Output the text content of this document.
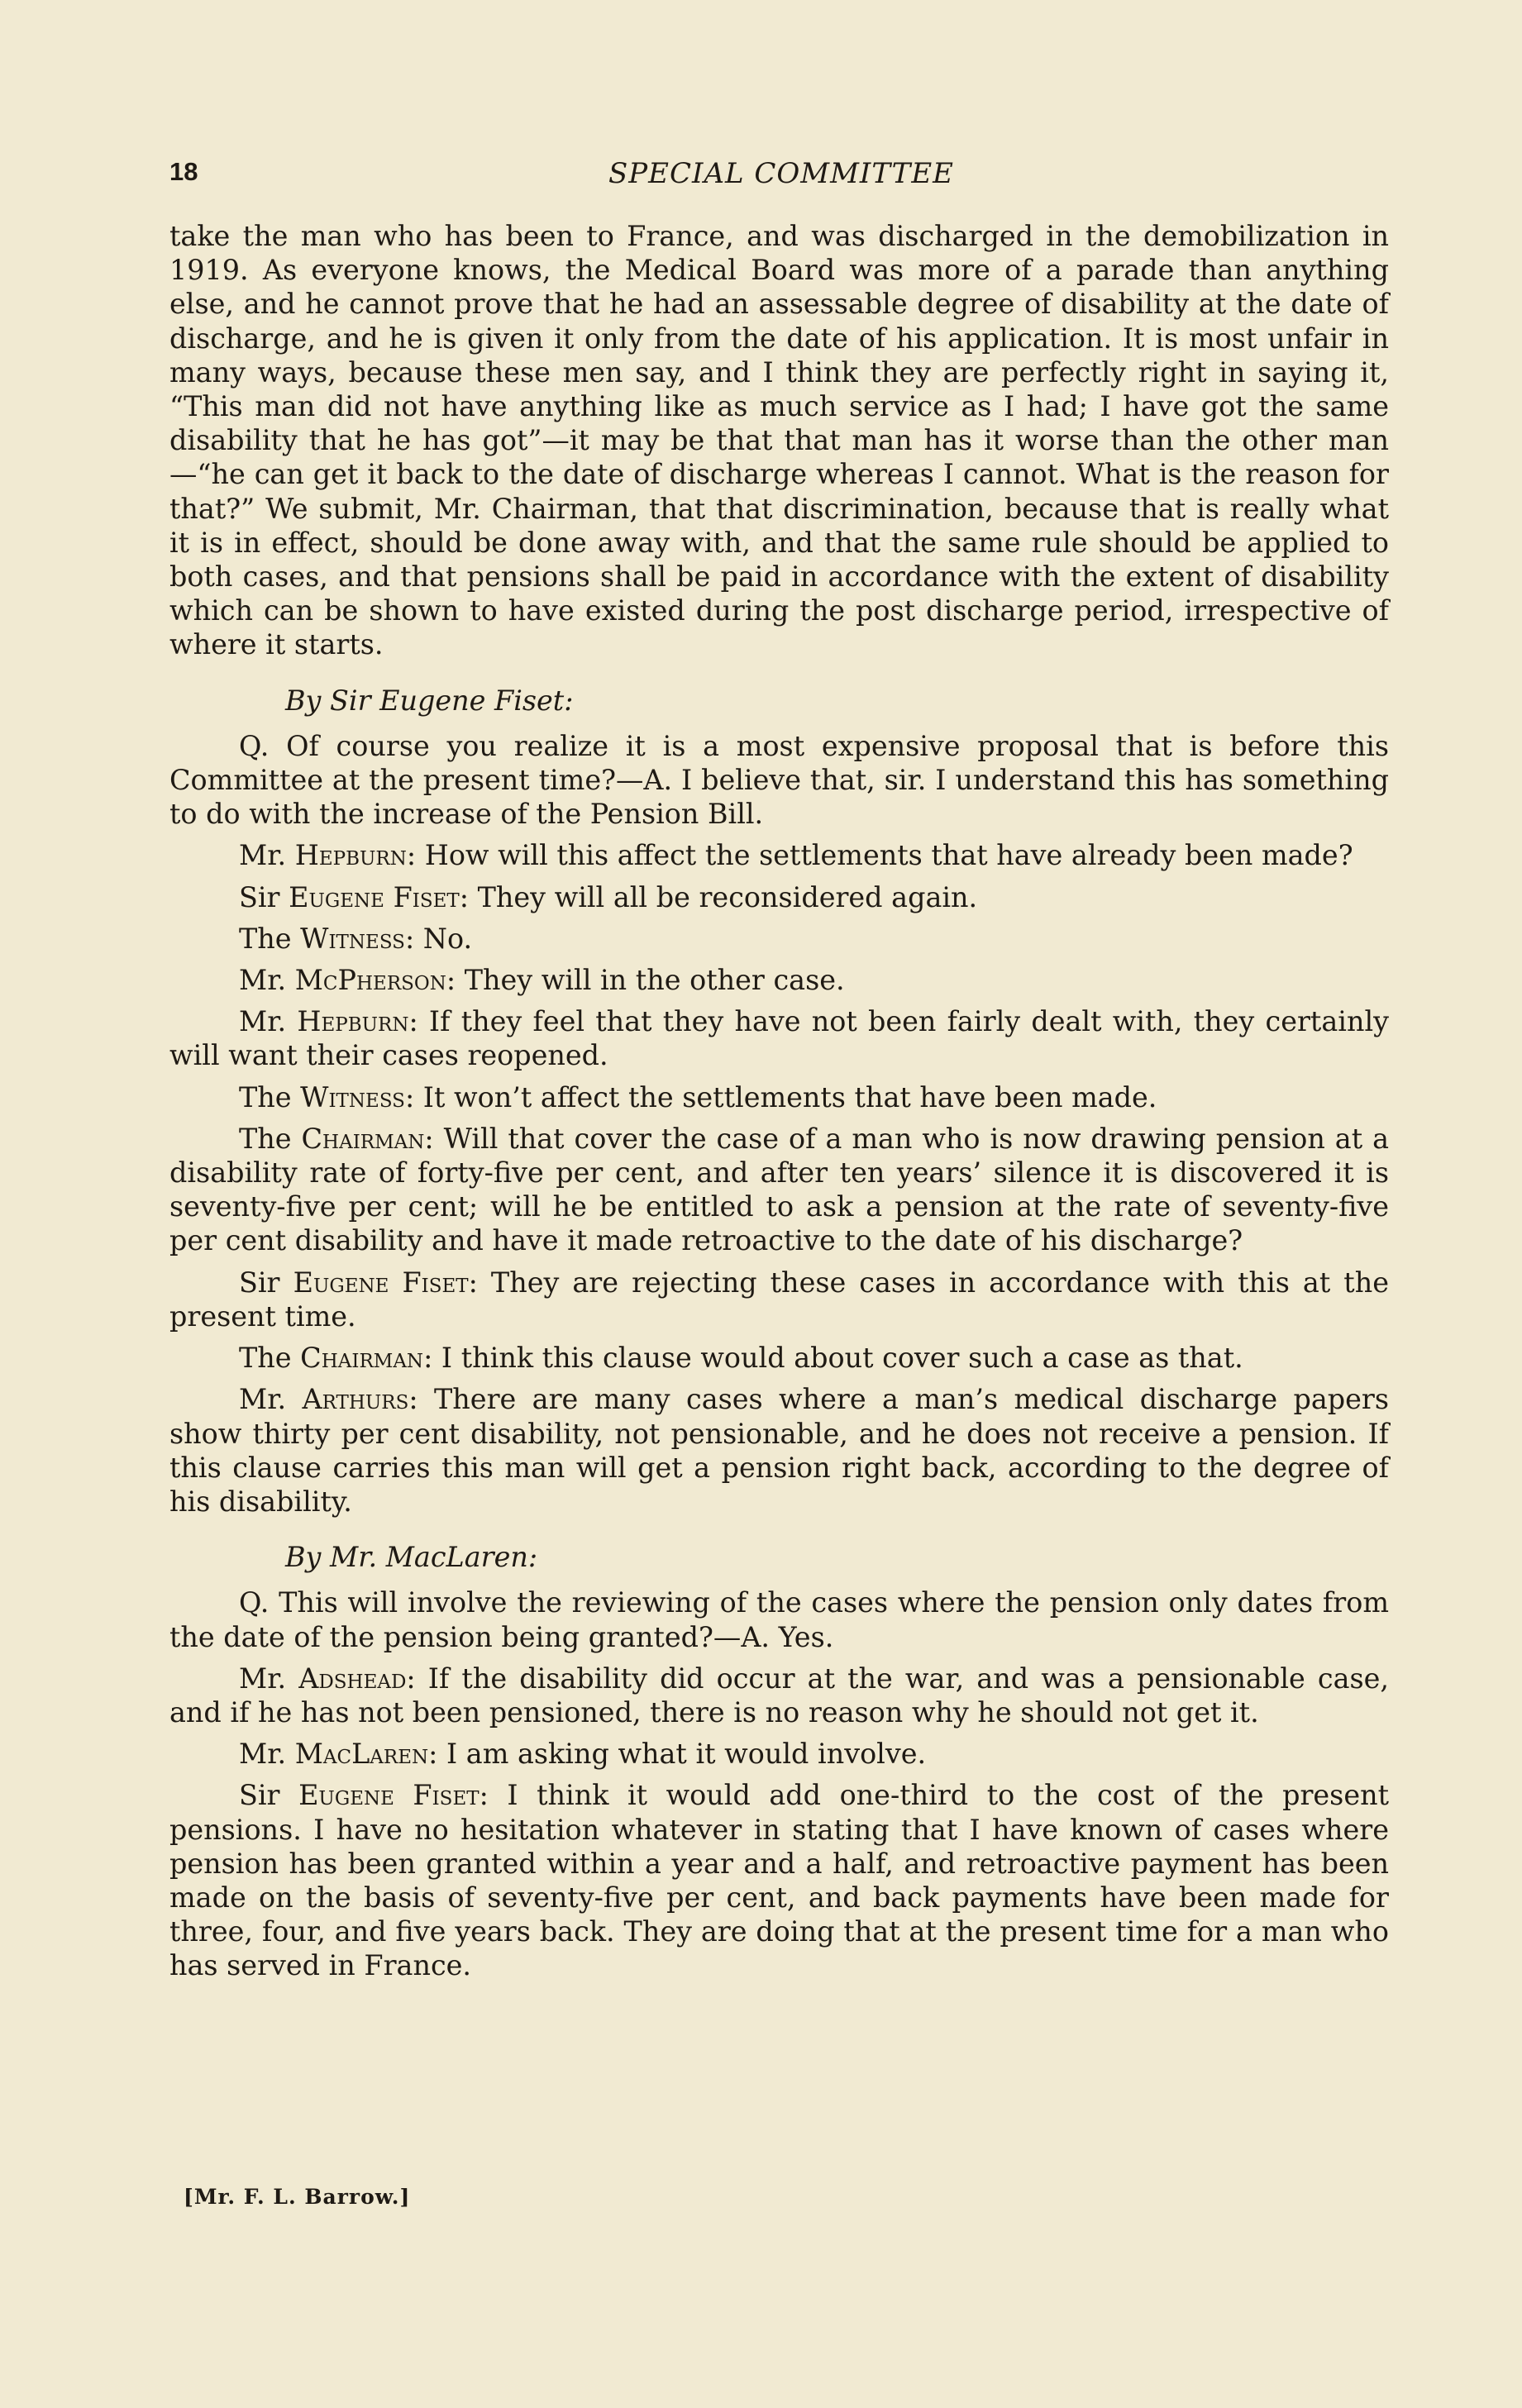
18	SPECIAL COMMITTEE

take the man who has been to France, and was discharged in the demobilization in 1919. As everyone knows, the Medical Board was more of a parade than anything else, and he cannot prove that he had an assessable degree of disability at the date of discharge, and he is given it only from the date of his application. It is most unfair in many ways, because these men say, and I think they are perfectly right in saying it, “This man did not have anything like as much service as I had; I have got the same disability that he has got”—it may be that that man has it worse than the other man—“he can get it back to the date of discharge whereas I cannot. What is the reason for that?” We submit, Mr. Chairman, that that discrimination, because that is really what it is in effect, should be done away with, and that the same rule should be applied to both cases, and that pensions shall be paid in accordance with the extent of disability which can be shown to have existed during the post discharge period, irrespective of where it starts.

By Sir Eugene Fiset:

Q. Of course you realize it is a most expensive proposal that is before this Committee at the present time?—A. I believe that, sir. I understand this has something to do with the increase of the Pension Bill.

Mr. Hepburn: How will this affect the settlements that have already been made?

Sir Eugene Fiset: They will all be reconsidered again.

The Witness: No.

Mr. McPherson: They will in the other case.

Mr. Hepburn: If they feel that they have not been fairly dealt with, they certainly will want their cases reopened.

The Witness: It won’t affect the settlements that have been made.

The Chairman: Will that cover the case of a man who is now drawing pension at a disability rate of forty-five per cent, and after ten years’ silence it is discovered it is seventy-five per cent; will he be entitled to ask a pension at the rate of seventy-five per cent disability and have it made retroactive to the date of his discharge?

Sir Eugene Fiset: They are rejecting these cases in accordance with this at the present time.

The Chairman: I think this clause would about cover such a case as that.

Mr. Arthurs: There are many cases where a man’s medical discharge papers show thirty per cent disability, not pensionable, and he does not receive a pension. If this clause carries this man will get a pension right back, according to the degree of his disability.

By Mr. MacLaren:

Q. This will involve the reviewing of the cases where the pension only dates from the date of the pension being granted?—A. Yes.

Mr. Adshead: If the disability did occur at the war, and was a pensionable case, and if he has not been pensioned, there is no reason why he should not get it.

Mr. MacLaren: I am asking what it would involve.

Sir Eugene Fiset: I think it would add one-third to the cost of the present pensions. I have no hesitation whatever in stating that I have known of cases where pension has been granted within a year and a half, and retroactive payment has been made on the basis of seventy-five per cent, and back payments have been made for three, four, and five years back. They are doing that at the present time for a man who has served in France.

[Mr. F. L. Barrow.]
